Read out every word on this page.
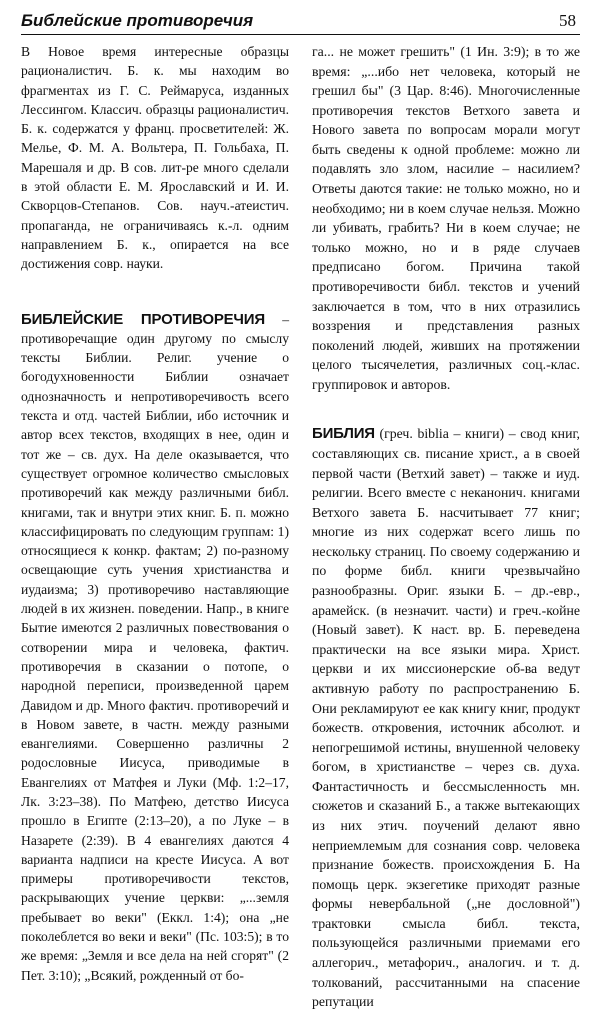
Библейские противоречия	58

В Новое время интересные образцы рационалистич. Б. к. мы находим во фрагментах из Г. С. Реймаруса, изданных Лессингом. Классич. образцы рационалистич. Б. к. содержатся у франц. просветителей: Ж. Мелье, Ф. М. А. Вольтера, П. Гольбаха, П. Марешаля и др. В сов. лит-ре много сделали в этой области Е. М. Ярославский и И. И. Скворцов-Степанов. Сов. науч.-атеистич. пропаганда, не ограничиваясь к.-л. одним направлением Б. к., опирается на все достижения совр. науки.

БИБЛЕЙСКИЕ ПРОТИВОРЕЧИЯ – противоречащие один другому по смыслу тексты Библии. Религ. учение о богодухновенности Библии означает однозначность и непротиворечивость всего текста и отд. частей Библии, ибо источник и автор всех текстов, входящих в нее, один и тот же – св. дух. На деле оказывается, что существует огромное количество смысловых противоречий как между различными библ. книгами, так и внутри этих книг. Б. п. можно классифицировать по следующим группам: 1) относящиеся к конкр. фактам; 2) по-разному освещающие суть учения христианства и иудаизма; 3) противоречиво наставляющие людей в их жизнен. поведении. Напр., в книге Бытие имеются 2 различных повествования о сотворении мира и человека, фактич. противоречия в сказании о потопе, о народной переписи, произведенной царем Давидом и др. Много фактич. противоречий и в Новом завете, в частн. между разными евангелиями. Совершенно различны 2 родословные Иисуса, приводимые в Евангелиях от Матфея и Луки (Мф. 1:2–17, Лк. 3:23–38). По Матфею, детство Иисуса прошло в Египте (2:13–20), а по Луке – в Назарете (2:39). В 4 евангелиях даются 4 варианта надписи на кресте Иисуса. А вот примеры противоречивости текстов, раскрывающих учение церкви: „...земля пребывает во веки" (Еккл. 1:4); она „не поколеблется во веки и веки" (Пс. 103:5); в то же время: „Земля и все дела на ней сгорят" (2 Пет. 3:10); „Всякий, рожденный от бо-

га... не может грешить" (1 Ин. 3:9); в то же время: „...ибо нет человека, который не грешил бы" (3 Цар. 8:46). Многочисленные противоречия текстов Ветхого завета и Нового завета по вопросам морали могут быть сведены к одной проблеме: можно ли подавлять зло злом, насилие – насилием? Ответы даются такие: не только можно, но и необходимо; ни в коем случае нельзя. Можно ли убивать, грабить? Ни в коем случае; не только можно, но и в ряде случаев предписано богом. Причина такой противоречивости библ. текстов и учений заключается в том, что в них отразились воззрения и представления разных поколений людей, живших на протяжении целого тысячелетия, различных соц.-клас. группировок и авторов.

БИБЛИЯ (греч. biblia – книги) – свод книг, составляющих св. писание христ., а в своей первой части (Ветхий завет) – также и иуд. религии. Всего вместе с неканонич. книгами Ветхого завета Б. насчитывает 77 книг; многие из них содержат всего лишь по нескольку страниц. По своему содержанию и по форме библ. книги чрезвычайно разнообразны. Ориг. языки Б. – др.-евр., арамейск. (в незначит. части) и греч.-койне (Новый завет). К наст. вр. Б. переведена практически на все языки мира. Христ. церкви и их миссионерские об-ва ведут активную работу по распространению Б. Они рекламируют ее как книгу книг, продукт божеств. откровения, источник абсолют. и непогрешимой истины, внушенной человеку богом, в христианстве – через св. духа. Фантастичность и бессмысленность мн. сюжетов и сказаний Б., а также вытекающих из них этич. поучений делают явно неприемлемым для сознания совр. человека признание божеств. происхождения Б. На помощь церк. экзегетике приходят разные формы невербальной („не дословной") трактовки смысла библ. текста, пользующейся различными приемами его аллегорич., метафорич., аналогич. и т. д. толкований, рассчитанными на спасение репутации
